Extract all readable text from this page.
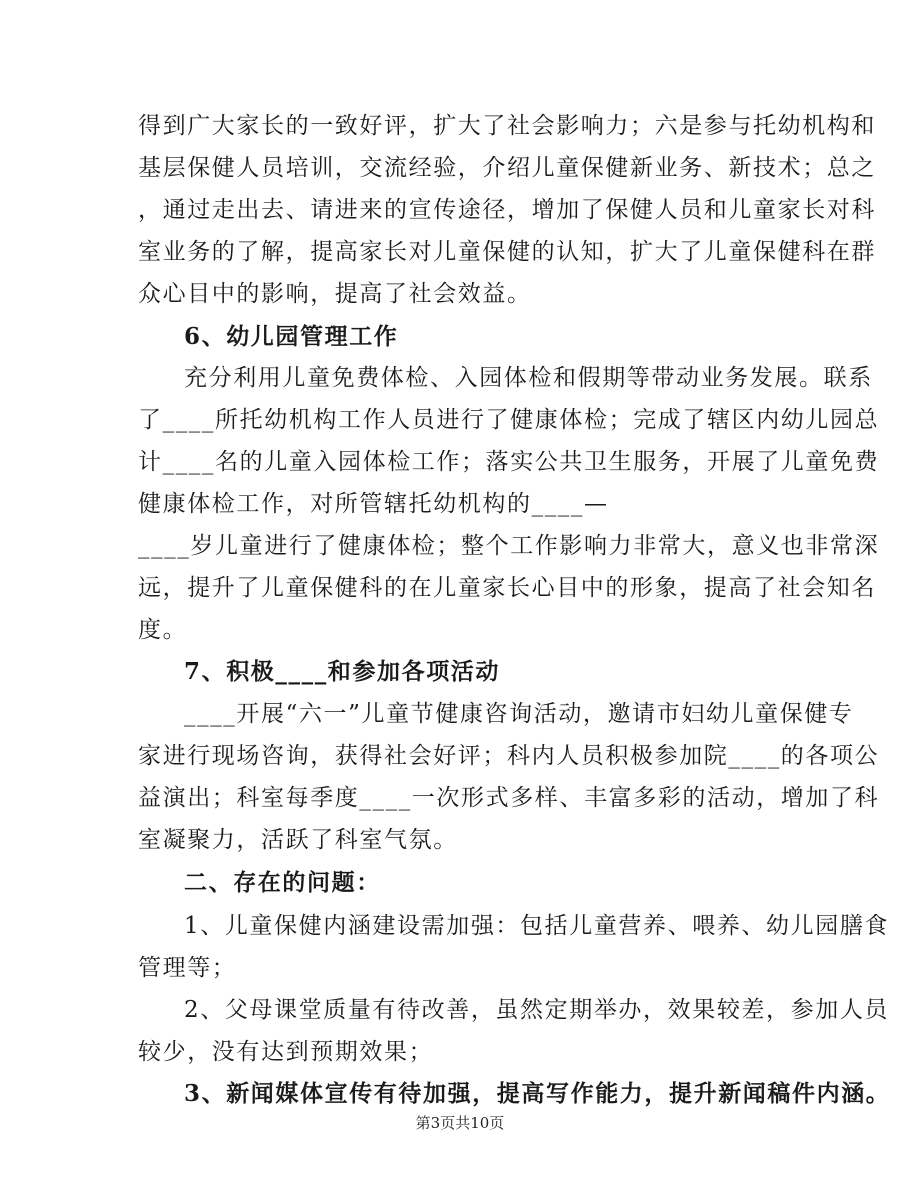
得到广大家长的一致好评，扩大了社会影响力；六是参与托幼机构和
基层保健人员培训，交流经验，介绍儿童保健新业务、新技术；总之
，通过走出去、请进来的宣传途径，增加了保健人员和儿童家长对科
室业务的了解，提高家长对儿童保健的认知，扩大了儿童保健科在群
众心目中的影响，提高了社会效益。
6、幼儿园管理工作
充分利用儿童免费体检、入园体检和假期等带动业务发展。联系
了____所托幼机构工作人员进行了健康体检；完成了辖区内幼儿园总
计____名的儿童入园体检工作；落实公共卫生服务，开展了儿童免费
健康体检工作，对所管辖托幼机构的____—
____岁儿童进行了健康体检；整个工作影响力非常大，意义也非常深
远，提升了儿童保健科的在儿童家长心目中的形象，提高了社会知名
度。
7、积极____和参加各项活动
____开展“六一”儿童节健康咨询活动，邀请市妇幼儿童保健专
家进行现场咨询，获得社会好评；科内人员积极参加院____的各项公
益演出；科室每季度____一次形式多样、丰富多彩的活动，增加了科
室凝聚力，活跃了科室气氛。
二、存在的问题：
1、儿童保健内涵建设需加强：包括儿童营养、喂养、幼儿园膳食
管理等；
2、父母课堂质量有待改善，虽然定期举办，效果较差，参加人员
较少，没有达到预期效果；
3、新闻媒体宣传有待加强，提高写作能力，提升新闻稿件内涵。
第3页共10页
